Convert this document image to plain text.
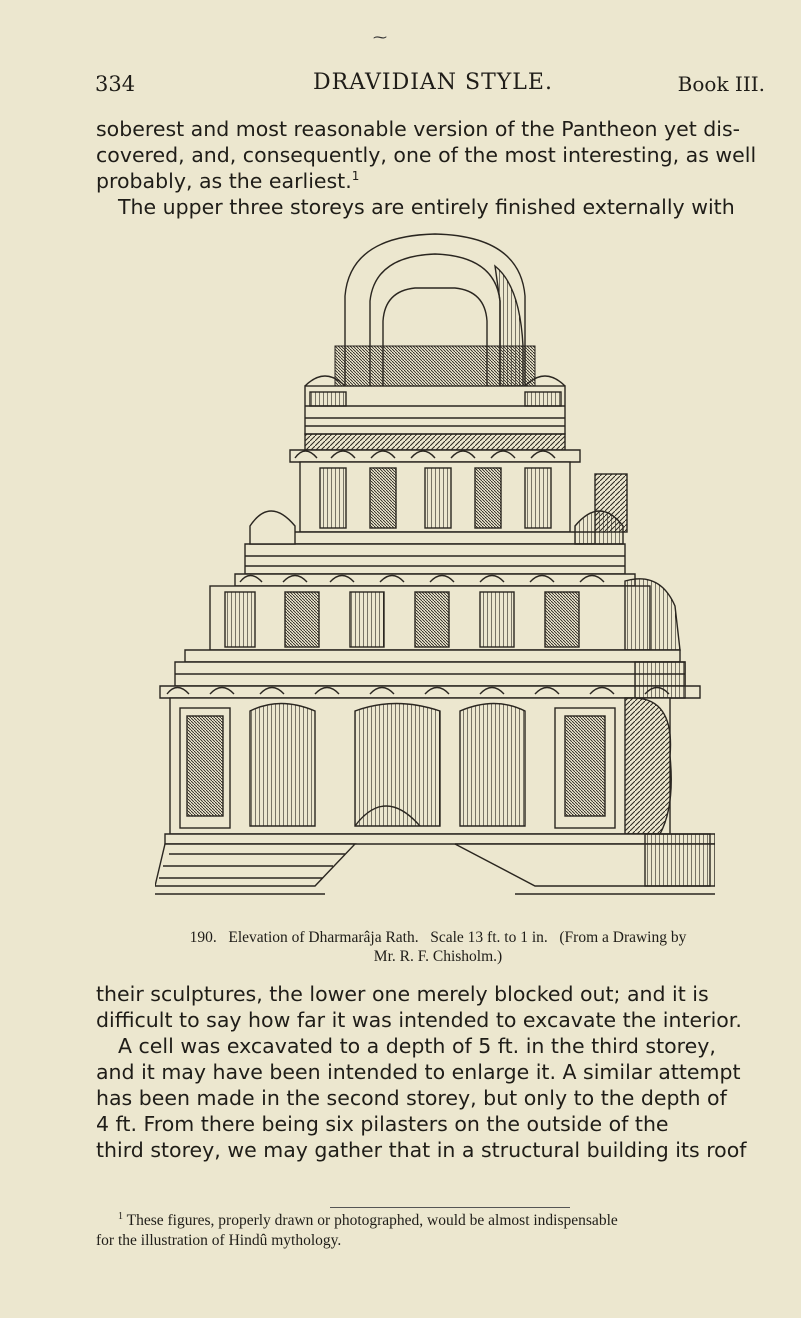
⁓
334	DRAVIDIAN STYLE.	Book III.

soberest and most reasonable version of the Pantheon yet dis-

covered, and, consequently, one of the most interesting, as well

probably, as the earliest.$^1$

The upper three storeys are entirely finished externally with

190.   Elevation of Dharmarâja Rath.   Scale 13 ft. to 1 in.   (From a Drawing by
Mr. R. F. Chisholm.)

their sculptures, the lower one merely blocked out; and it is

difficult to say how far it was intended to excavate the interior.

A cell was excavated to a depth of 5 ft. in the third storey,

and it may have been intended to enlarge it. A similar attempt

has been made in the second storey, but only to the depth of

4 ft. From there being six pilasters on the outside of the

third storey, we may gather that in a structural building its roof

$^1$ These figures, properly drawn or photographed, would be almost indispensable
for the illustration of Hindû mythology.
